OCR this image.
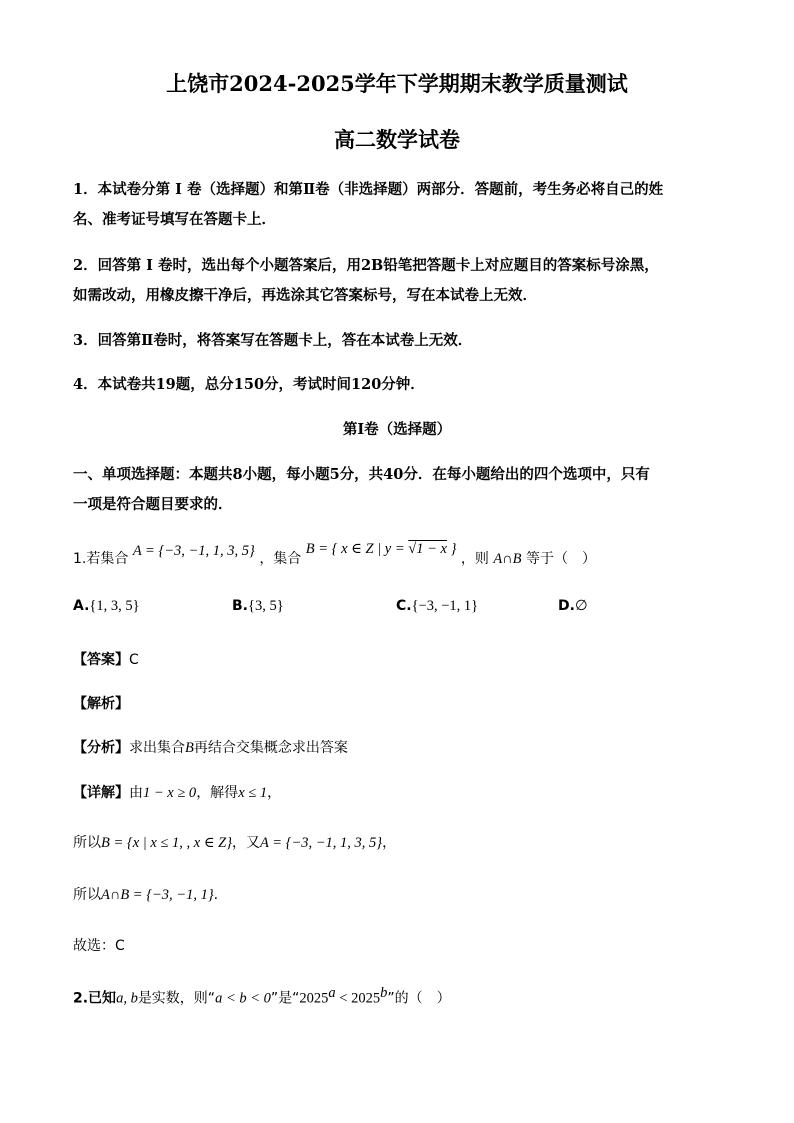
上饶市2024-2025学年下学期期末教学质量测试
高二数学试卷
1．本试卷分第 I 卷（选择题）和第Ⅱ卷（非选择题）两部分．答题前，考生务必将自己的姓
名、准考证号填写在答题卡上．
2．回答第 I 卷时，选出每个小题答案后，用2B铅笔把答题卡上对应题目的答案标号涂黑，
如需改动，用橡皮擦干净后，再选涂其它答案标号，写在本试卷上无效．
3．回答第Ⅱ卷时，将答案写在答题卡上，答在本试卷上无效．
4．本试卷共19题，总分150分，考试时间120分钟．
第I卷（选择题）
一、单项选择题：本题共8小题，每小题5分，共40分．在每小题给出的四个选项中，只有
一项是符合题目要求的．
1.若集合 A = {−3, −1, 1, 3, 5} ，集合 B = { x ∈ Z | y = √1 − x } ，则 A∩B 等于（　）
A.{1, 3, 5}	B.{3, 5}	C.{−3, −1, 1}	D.∅
【答案】C
【解析】
【分析】求出集合B再结合交集概念求出答案
【详解】由1 − x ≥ 0，解得x ≤ 1，
所以B = {x | x ≤ 1, , x ∈ Z}，又A = {−3, −1, 1, 3, 5}，
所以A∩B = {−3, −1, 1}.
故选：C
2.已知a, b是实数，则“a < b < 0”是“$2025^a < 2025^b$”的（　）
